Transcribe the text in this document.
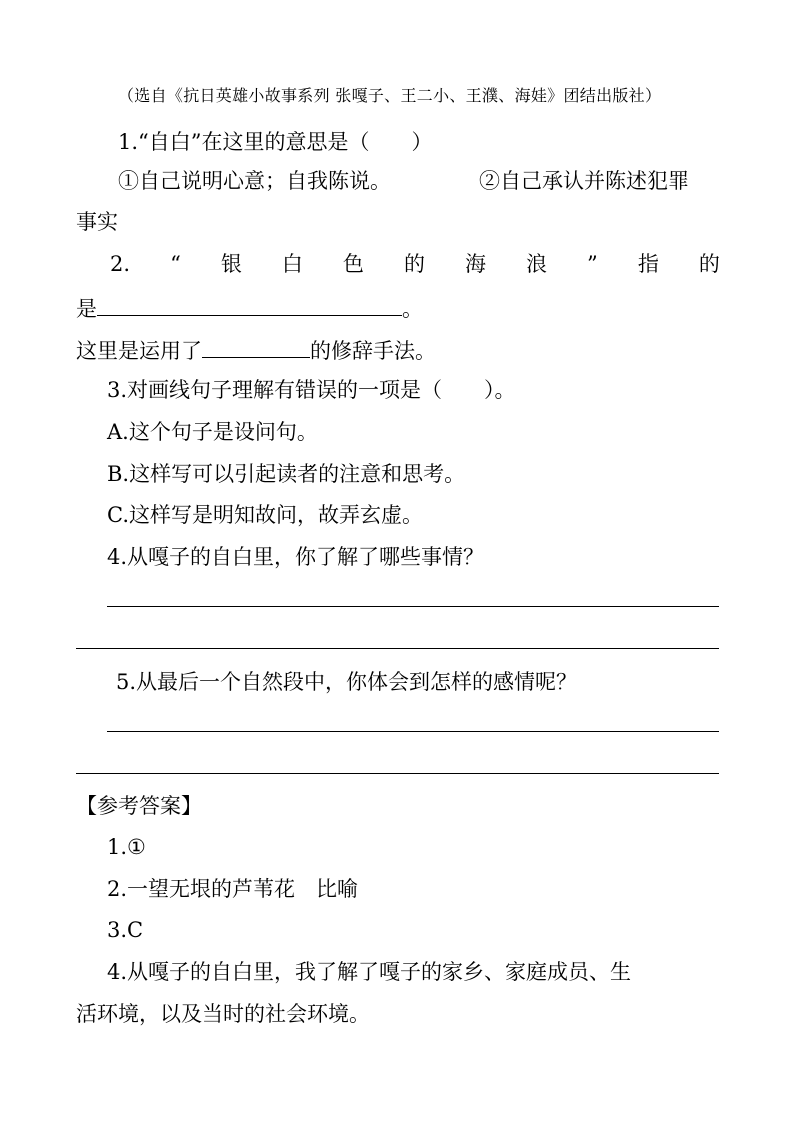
（选自《抗日英雄小故事系列 张嘎子、王二小、王濮、海娃》团结出版社）
1.“自白”在这里的意思是（　　）
①自己说明心意；自我陈说。	②自己承认并陈述犯罪
事实
2. “ 银 白 色 的 海 浪 ” 指 的
是	。
这里是运用了	的修辞手法。
3.对画线句子理解有错误的一项是（　　）。
A.这个句子是设问句。
B.这样写可以引起读者的注意和思考。
C.这样写是明知故问，故弄玄虚。
4.从嘎子的自白里，你了解了哪些事情？
5.从最后一个自然段中，你体会到怎样的感情呢？
【参考答案】
1.①
2.一望无垠的芦苇花　比喻
3.C
4.从嘎子的自白里，我了解了嘎子的家乡、家庭成员、生
活环境，以及当时的社会环境。
